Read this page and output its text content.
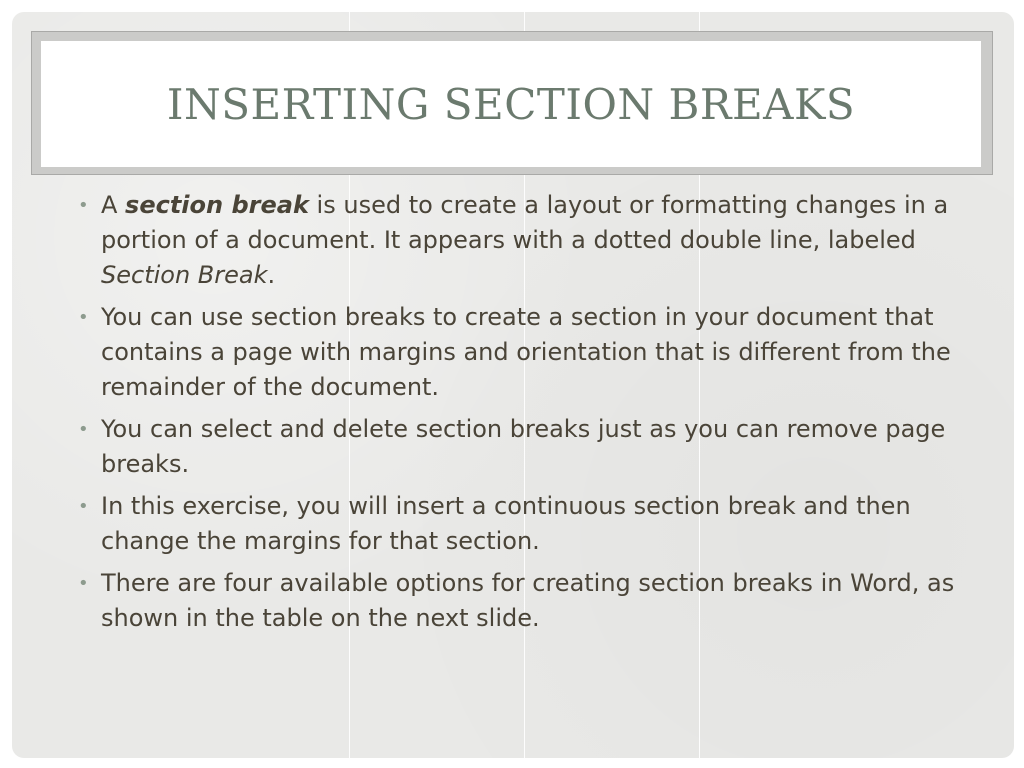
INSERTING SECTION BREAKS
• A section break is used to create a layout or formatting changes in a portion of a document. It appears with a dotted double line, labeled Section Break.
• You can use section breaks to create a section in your document that contains a page with margins and orientation that is different from the remainder of the document.
• You can select and delete section breaks just as you can remove page breaks.
• In this exercise, you will insert a continuous section break and then change the margins for that section.
• There are four available options for creating section breaks in Word, as shown in the table on the next slide.
